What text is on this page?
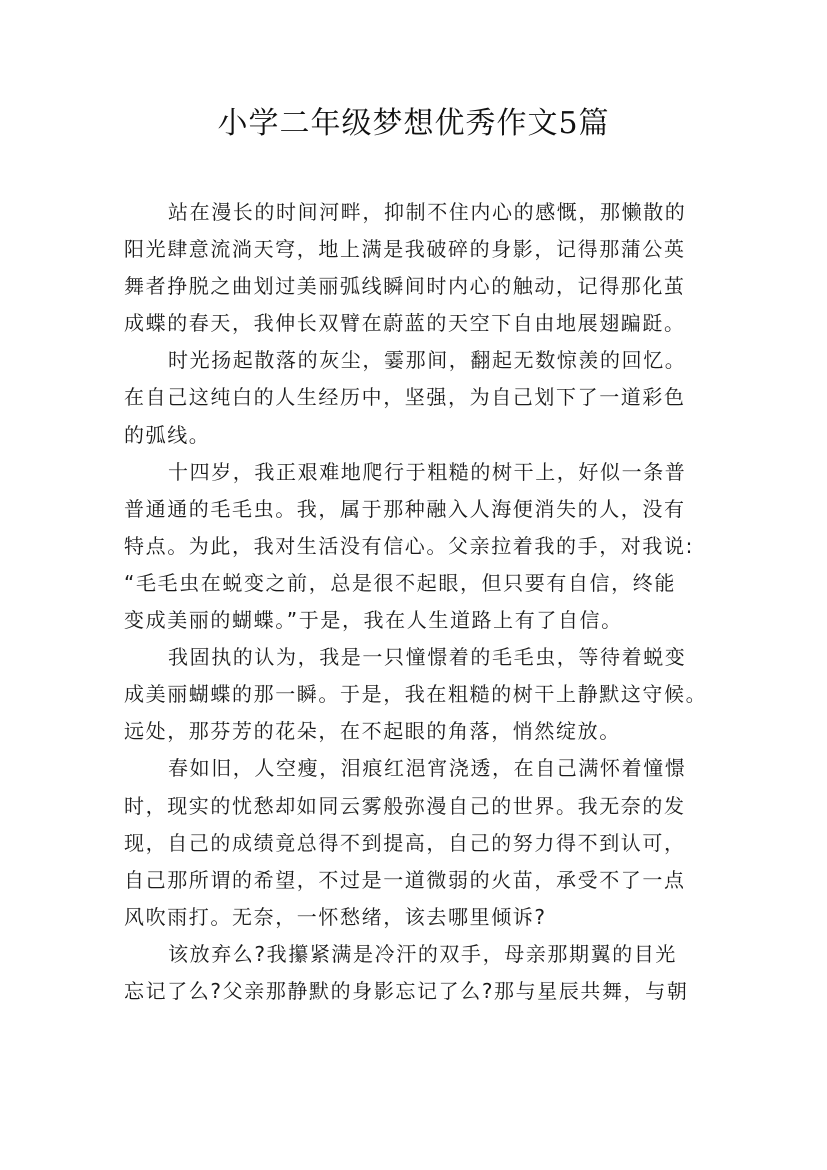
小学二年级梦想优秀作文5篇
站在漫长的时间河畔，抑制不住内心的感慨，那懒散的
阳光肆意流淌天穹，地上满是我破碎的身影，记得那蒲公英
舞者挣脱之曲划过美丽弧线瞬间时内心的触动，记得那化茧
成蝶的春天，我伸长双臂在蔚蓝的天空下自由地展翅蹁跹。
时光扬起散落的灰尘，霎那间，翻起无数惊羡的回忆。
在自己这纯白的人生经历中，坚强，为自己划下了一道彩色
的弧线。
十四岁，我正艰难地爬行于粗糙的树干上，好似一条普
普通通的毛毛虫。我，属于那种融入人海便消失的人，没有
特点。为此，我对生活没有信心。父亲拉着我的手，对我说:
“毛毛虫在蜕变之前，总是很不起眼，但只要有自信，终能
变成美丽的蝴蝶。”于是，我在人生道路上有了自信。
我固执的认为，我是一只憧憬着的毛毛虫，等待着蜕变
成美丽蝴蝶的那一瞬。于是，我在粗糙的树干上静默这守候。
远处，那芬芳的花朵，在不起眼的角落，悄然绽放。
春如旧，人空瘦，泪痕红浥宵浇透，在自己满怀着憧憬
时，现实的忧愁却如同云雾般弥漫自己的世界。我无奈的发
现，自己的成绩竟总得不到提高，自己的努力得不到认可，
自己那所谓的希望，不过是一道微弱的火苗，承受不了一点
风吹雨打。无奈，一怀愁绪，该去哪里倾诉?
该放弃么?我攥紧满是冷汗的双手，母亲那期翼的目光
忘记了么?父亲那静默的身影忘记了么?那与星辰共舞，与朝
